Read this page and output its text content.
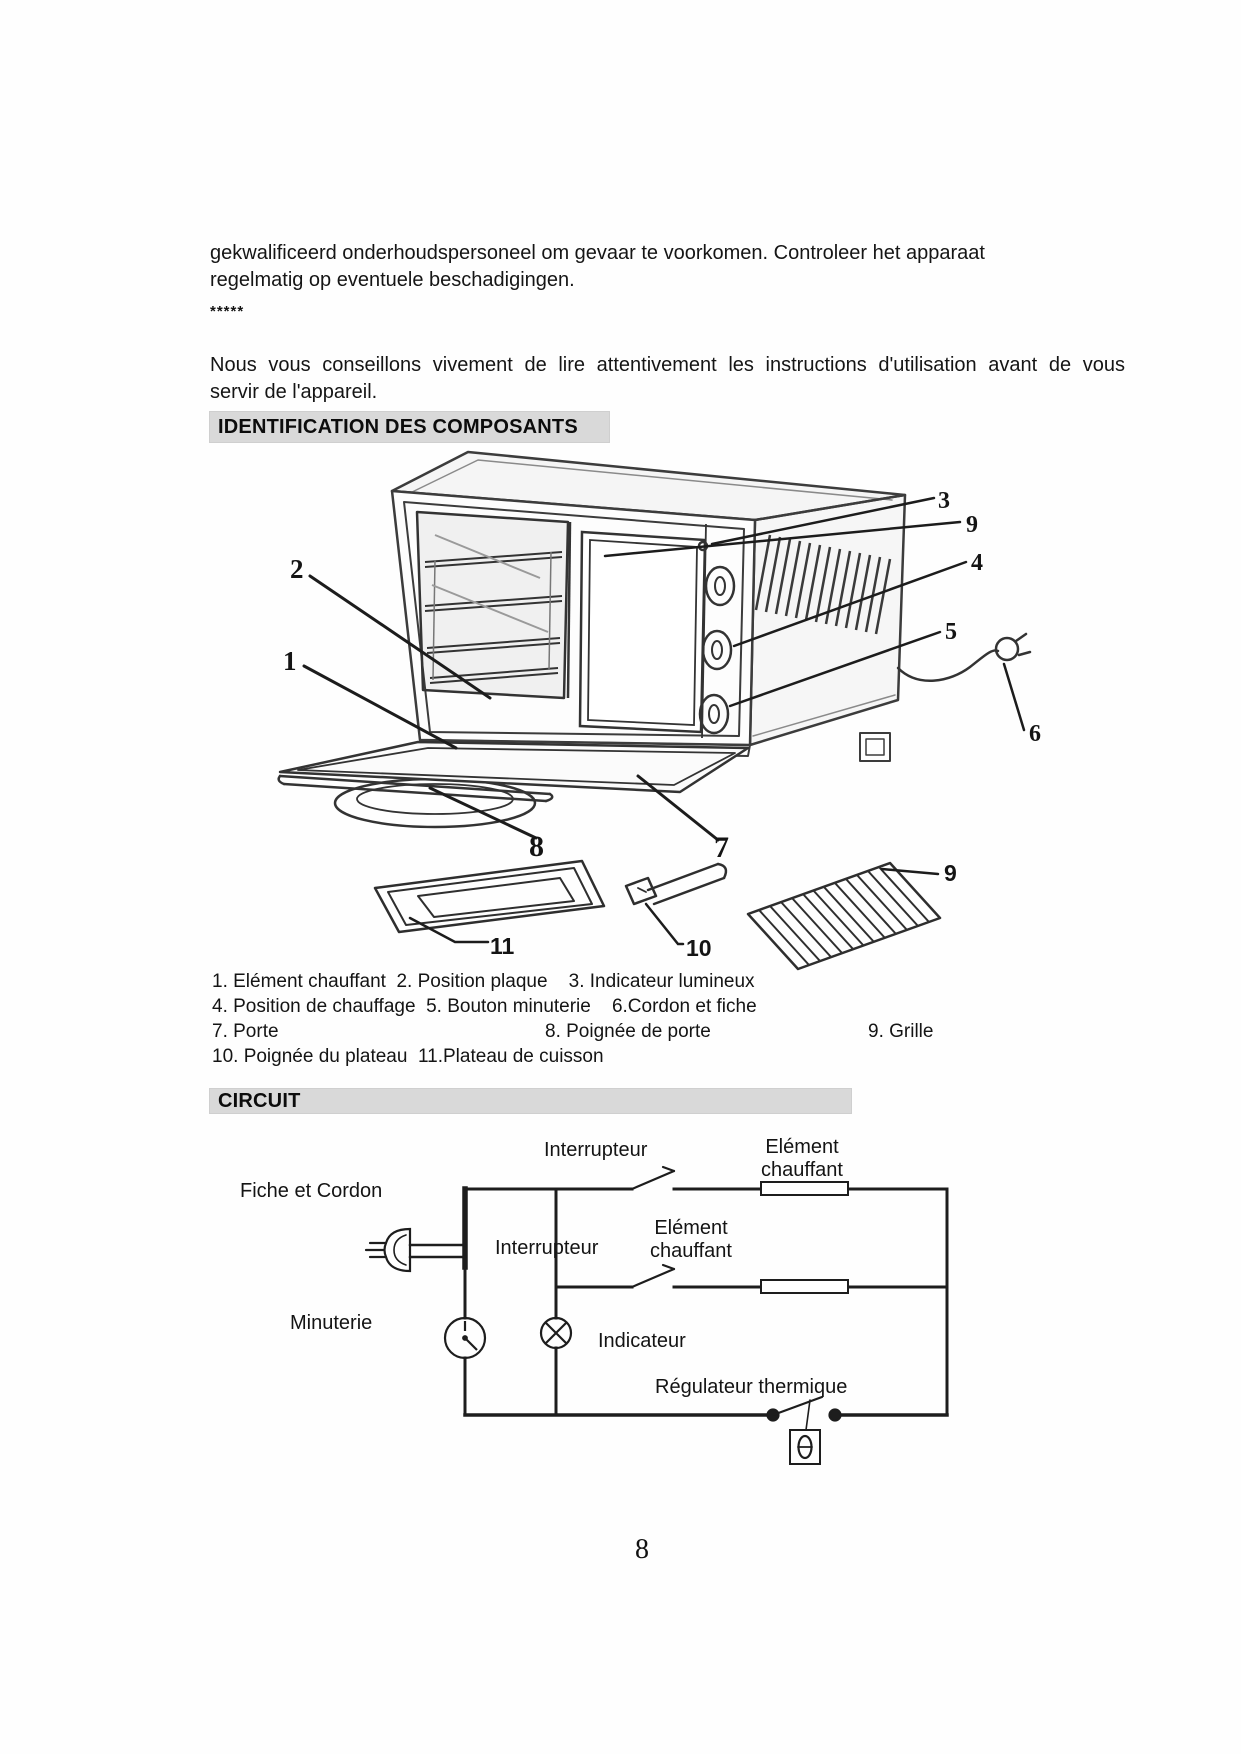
gekwalificeerd onderhoudspersoneel om gevaar te voorkomen. Controleer het apparaat
regelmatig op eventuele beschadigingen.
*****
Nous vous conseillons vivement de lire attentivement les instructions d'utilisation avant de vous
servir de l'appareil.
IDENTIFICATION DES COMPOSANTS
2
1
3
9
4
5
6
8	7
11	10
9
1. Elément chauffant  2. Position plaque    3. Indicateur lumineux
4. Position de chauffage  5. Bouton minuterie    6.Cordon et fiche
7. Porte	8. Poignée de porte	9. Grille
10. Poignée du plateau  11.Plateau de cuisson
CIRCUIT
Interrupteur	Elément
chauffant
Fiche et Cordon
Interrupteur
Elément
chauffant
Minuterie
Indicateur
Régulateur thermique
8
